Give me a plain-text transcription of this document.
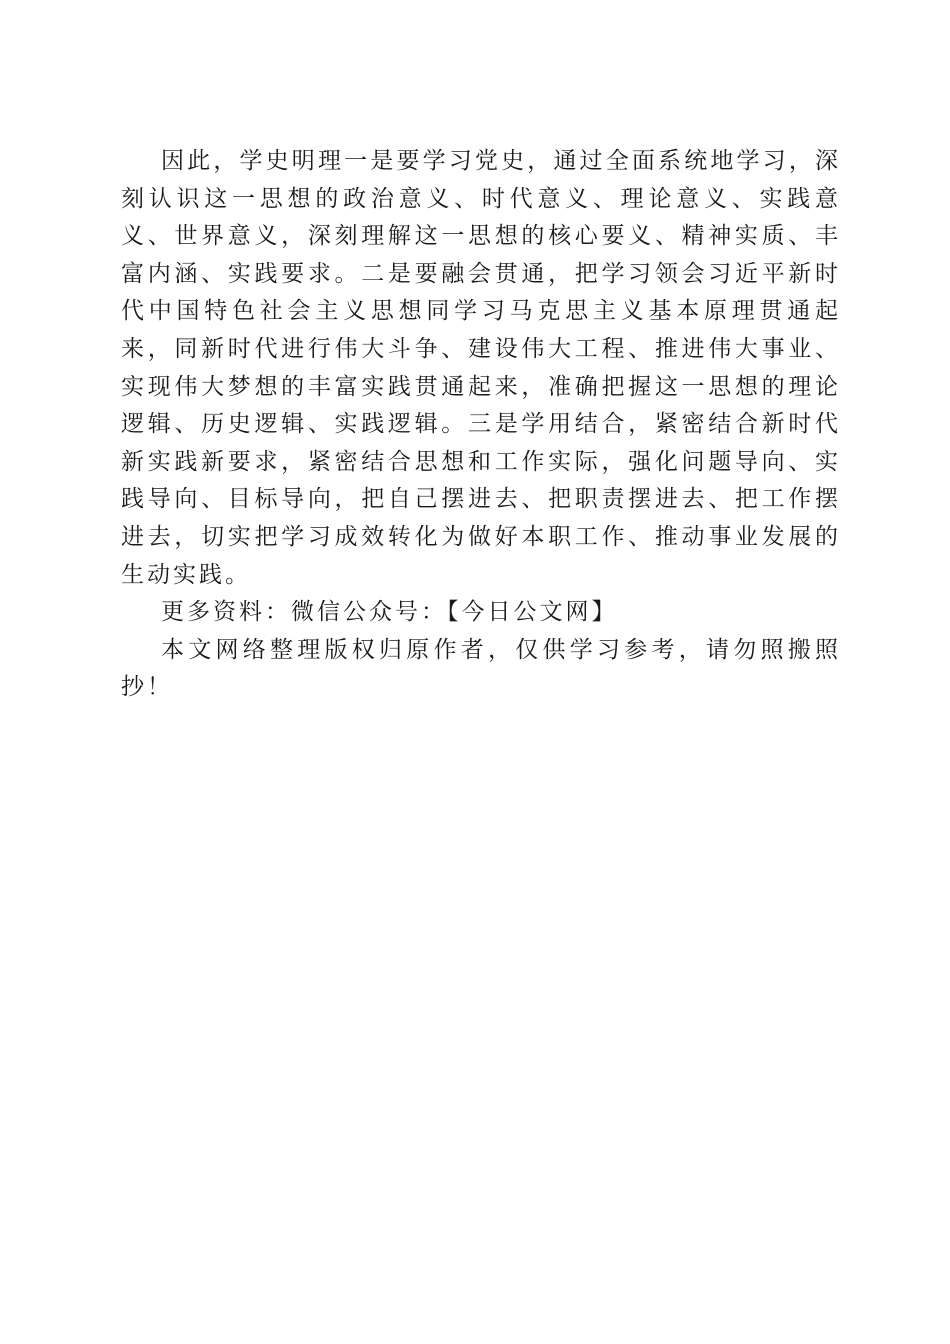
因此，学史明理一是要学习党史，通过全面系统地学习，深刻认识这一思想的政治意义、时代意义、理论意义、实践意义、世界意义，深刻理解这一思想的核心要义、精神实质、丰富内涵、实践要求。二是要融会贯通，把学习领会习近平新时代中国特色社会主义思想同学习马克思主义基本原理贯通起来，同新时代进行伟大斗争、建设伟大工程、推进伟大事业、实现伟大梦想的丰富实践贯通起来，准确把握这一思想的理论逻辑、历史逻辑、实践逻辑。三是学用结合，紧密结合新时代新实践新要求，紧密结合思想和工作实际，强化问题导向、实践导向、目标导向，把自己摆进去、把职责摆进去、把工作摆进去，切实把学习成效转化为做好本职工作、推动事业发展的生动实践。

更多资料：微信公众号：【今日公文网】

本文网络整理版权归原作者，仅供学习参考，请勿照搬照抄！
